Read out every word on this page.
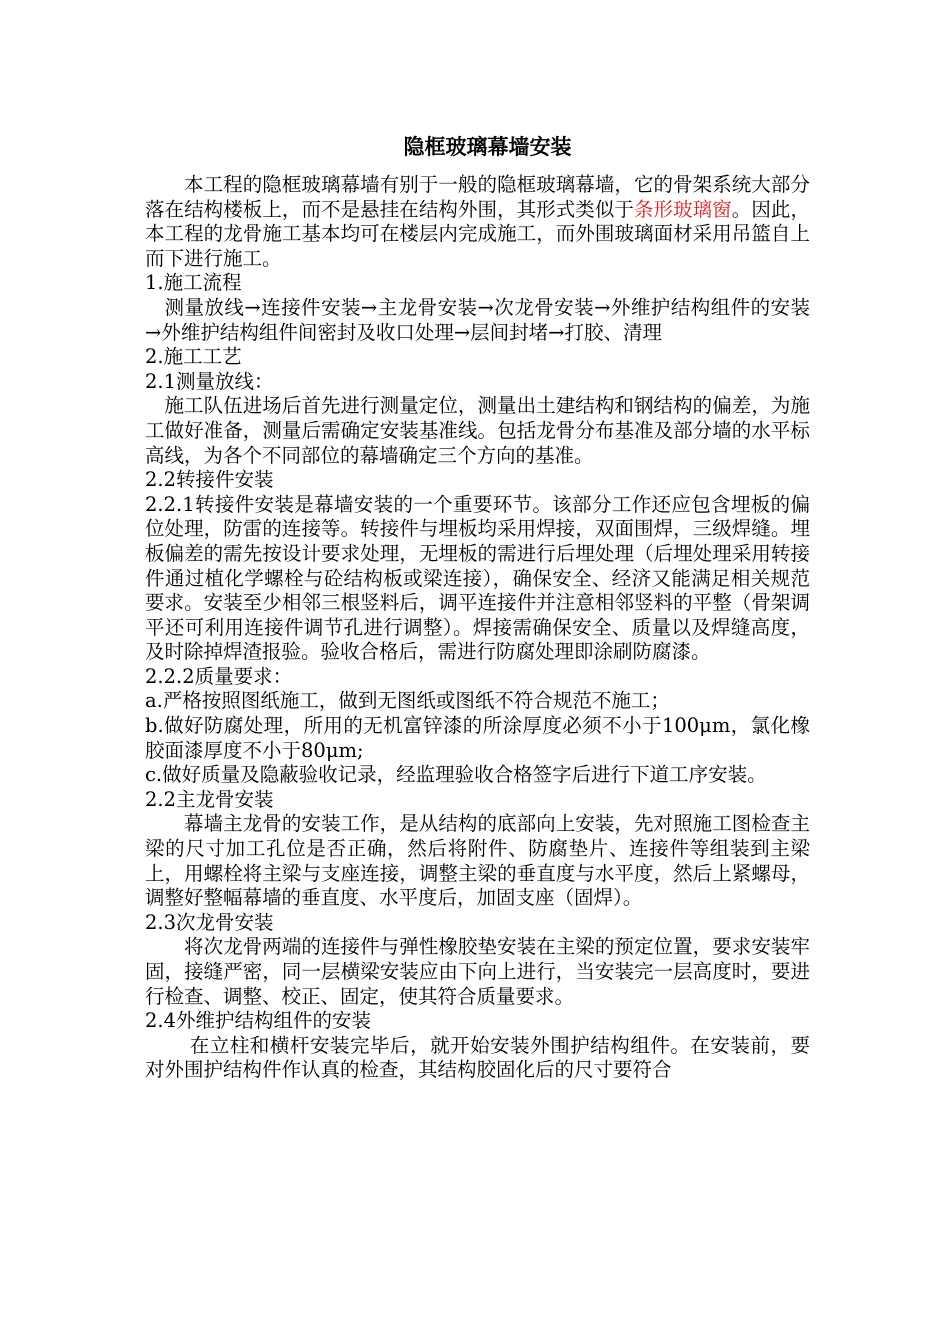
隐框玻璃幕墙安装

本工程的隐框玻璃幕墙有别于一般的隐框玻璃幕墙，它的骨架系统大部分落在结构楼板上，而不是悬挂在结构外围，其形式类似于条形玻璃窗。因此，本工程的龙骨施工基本均可在楼层内完成施工，而外围玻璃面材采用吊篮自上而下进行施工。

1.施工流程

测量放线→连接件安装→主龙骨安装→次龙骨安装→外维护结构组件的安装→外维护结构组件间密封及收口处理→层间封堵→打胶、清理

2.施工工艺

2.1测量放线：

施工队伍进场后首先进行测量定位，测量出土建结构和钢结构的偏差，为施工做好准备，测量后需确定安装基准线。包括龙骨分布基准及部分墙的水平标高线，为各个不同部位的幕墙确定三个方向的基准。

2.2转接件安装

2.2.1转接件安装是幕墙安装的一个重要环节。该部分工作还应包含埋板的偏位处理，防雷的连接等。转接件与埋板均采用焊接，双面围焊，三级焊缝。埋板偏差的需先按设计要求处理，无埋板的需进行后埋处理（后埋处理采用转接件通过植化学螺栓与砼结构板或梁连接），确保安全、经济又能满足相关规范要求。安装至少相邻三根竖料后，调平连接件并注意相邻竖料的平整（骨架调平还可利用连接件调节孔进行调整）。焊接需确保安全、质量以及焊缝高度，及时除掉焊渣报验。验收合格后，需进行防腐处理即涂刷防腐漆。

2.2.2质量要求：

a.严格按照图纸施工，做到无图纸或图纸不符合规范不施工；

b.做好防腐处理，所用的无机富锌漆的所涂厚度必须不小于100μm，氯化橡胶面漆厚度不小于80μm;

c.做好质量及隐蔽验收记录，经监理验收合格签字后进行下道工序安装。

2.2主龙骨安装

幕墙主龙骨的安装工作，是从结构的底部向上安装，先对照施工图检查主梁的尺寸加工孔位是否正确，然后将附件、防腐垫片、连接件等组装到主梁上，用螺栓将主梁与支座连接，调整主梁的垂直度与水平度，然后上紧螺母，调整好整幅幕墙的垂直度、水平度后，加固支座（固焊）。

2.3次龙骨安装

将次龙骨两端的连接件与弹性橡胶垫安装在主梁的预定位置，要求安装牢固，接缝严密，同一层横梁安装应由下向上进行，当安装完一层高度时，要进行检查、调整、校正、固定，使其符合质量要求。

2.4外维护结构组件的安装

在立柱和横杆安装完毕后，就开始安装外围护结构组件。在安装前，要对外围护结构件作认真的检查，其结构胶固化后的尺寸要符合
